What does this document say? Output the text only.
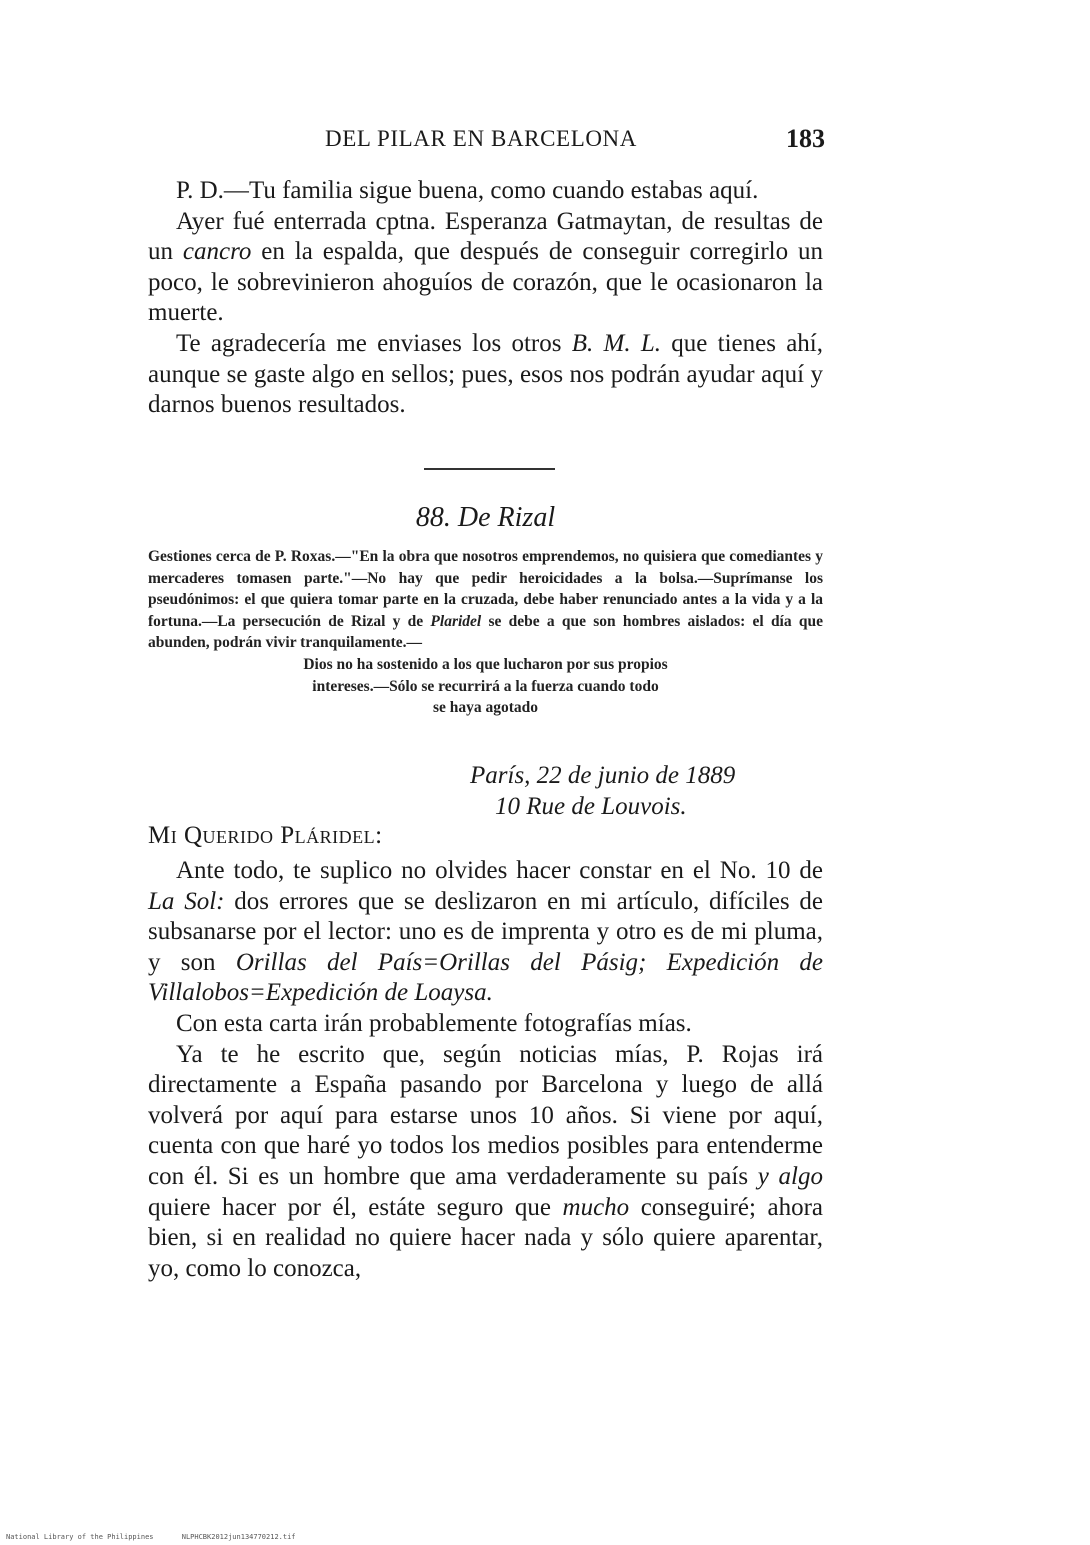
DEL PILAR EN BARCELONA	183

P. D.—Tu familia sigue buena, como cuando estabas aquí.

Ayer fué enterrada cptna. Esperanza Gatmaytan, de resultas de un cancro en la espalda, que después de conseguir corregirlo un poco, le sobrevinieron ahoguíos de corazón, que le ocasionaron la muerte.

Te agradecería me enviases los otros B. M. L. que tienes ahí, aunque se gaste algo en sellos; pues, esos nos podrán ayudar aquí y darnos buenos resultados.

88. De Rizal
Gestiones cerca de P. Roxas.—"En la obra que nosotros emprendemos, no quisiera que comediantes y mercaderes tomasen parte."—No hay que pedir heroicidades a la bolsa.—Suprímanse los pseudónimos: el que quiera tomar parte en la cruzada, debe haber renunciado antes a la vida y a la fortuna.—La persecución de Rizal y de Plaridel se debe a que son hombres aislados: el día que abunden, podrán vivir tranquilamente.—
Dios no ha sostenido a los que lucharon por sus propios
intereses.—Sólo se recurrirá a la fuerza cuando todo
se haya agotado
París, 22 de junio de 1889
10 Rue de Louvois.
Mi Querido Pláridel:

Ante todo, te suplico no olvides hacer constar en el No. 10 de La Sol: dos errores que se deslizaron en mi artículo, difíciles de subsanarse por el lector: uno es de imprenta y otro es de mi pluma, y son Orillas del País=Orillas del Pásig; Expedición de Villalobos=Expedición de Loaysa.

Con esta carta irán probablemente fotografías mías.

Ya te he escrito que, según noticias mías, P. Rojas irá directamente a España pasando por Barcelona y luego de allá volverá por aquí para estarse unos 10 años. Si viene por aquí, cuenta con que haré yo todos los medios posibles para entenderme con él. Si es un hombre que ama verdaderamente su país y algo quiere hacer por él, estáte seguro que mucho conseguiré; ahora bien, si en realidad no quiere hacer nada y sólo quiere aparentar, yo, como lo conozca,

National Library of the Philippines	NLPHCBK2012jun134770212.tif
